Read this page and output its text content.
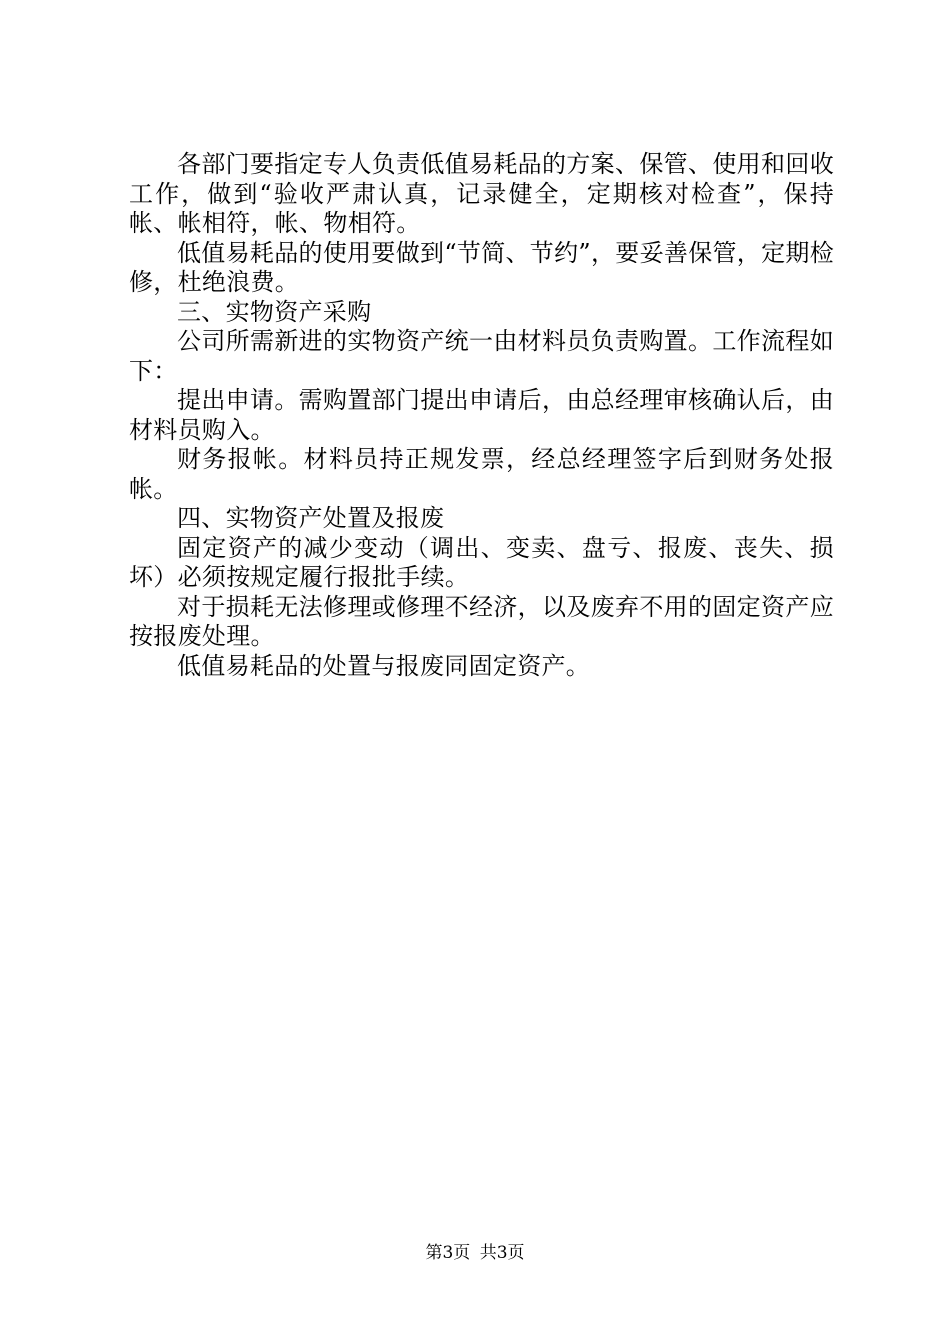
各部门要指定专人负责低值易耗品的方案、保管、使用和回收工作，做到“验收严肃认真，记录健全，定期核对检查”，保持帐、帐相符，帐、物相符。

低值易耗品的使用要做到“节简、节约”，要妥善保管，定期检修，杜绝浪费。

三、实物资产采购

公司所需新进的实物资产统一由材料员负责购置。工作流程如下：

提出申请。需购置部门提出申请后，由总经理审核确认后，由材料员购入。

财务报帐。材料员持正规发票，经总经理签字后到财务处报帐。

四、实物资产处置及报废

固定资产的减少变动（调出、变卖、盘亏、报废、丧失、损坏）必须按规定履行报批手续。

对于损耗无法修理或修理不经济，以及废弃不用的固定资产应按报废处理。

低值易耗品的处置与报废同固定资产。

第3页 共3页
